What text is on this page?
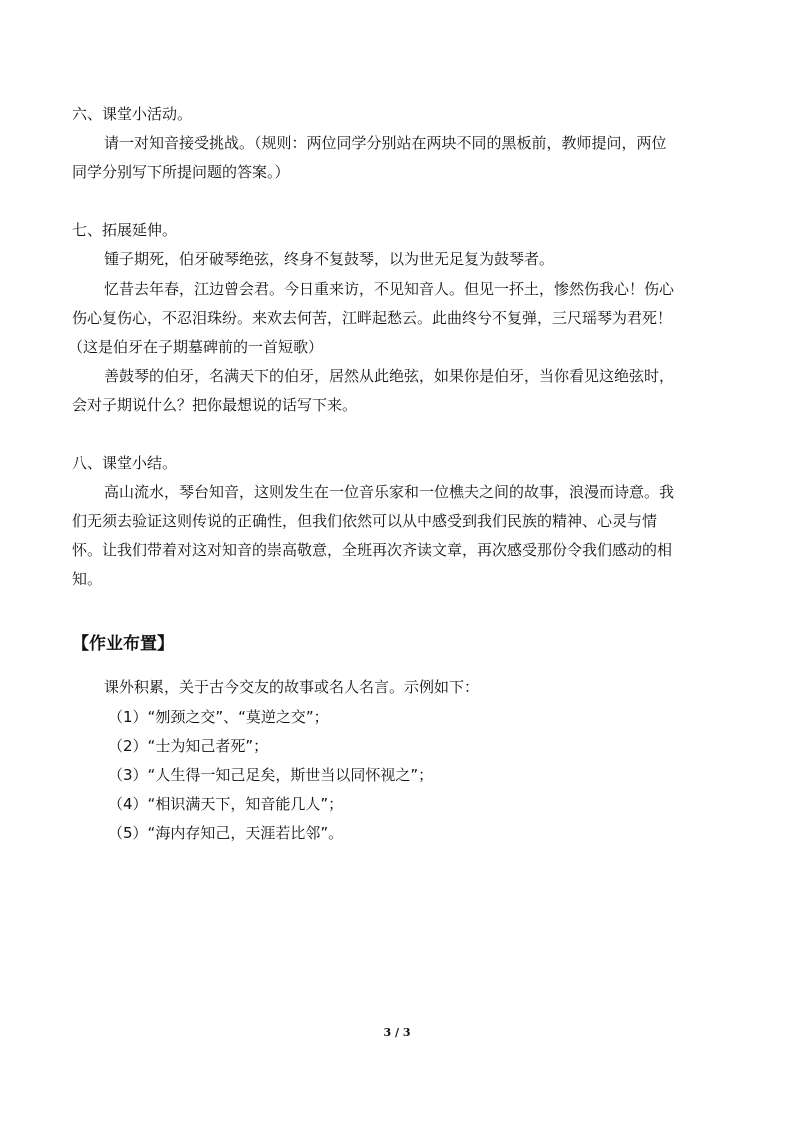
六、课堂小活动。
请一对知音接受挑战。（规则：两位同学分别站在两块不同的黑板前，教师提问，两位
同学分别写下所提问题的答案。）
七、拓展延伸。
锺子期死，伯牙破琴绝弦，终身不复鼓琴，以为世无足复为鼓琴者。
忆昔去年春，江边曾会君。今日重来访，不见知音人。但见一抔土，惨然伤我心！伤心
伤心复伤心，不忍泪珠纷。来欢去何苦，江畔起愁云。此曲终兮不复弹，三尺瑶琴为君死！
（这是伯牙在子期墓碑前的一首短歌）
善鼓琴的伯牙，名满天下的伯牙，居然从此绝弦，如果你是伯牙，当你看见这绝弦时，
会对子期说什么？把你最想说的话写下来。
八、课堂小结。
高山流水，琴台知音，这则发生在一位音乐家和一位樵夫之间的故事，浪漫而诗意。我
们无须去验证这则传说的正确性，但我们依然可以从中感受到我们民族的精神、心灵与情
怀。让我们带着对这对知音的崇高敬意，全班再次齐读文章，再次感受那份令我们感动的相
知。
【作业布置】
课外积累，关于古今交友的故事或名人名言。示例如下：
（1）“刎颈之交”、“莫逆之交”；
（2）“士为知己者死”；
（3）“人生得一知己足矣，斯世当以同怀视之”；
（4）“相识满天下，知音能几人”；
（5）“海内存知己，天涯若比邻”。
3 / 3
